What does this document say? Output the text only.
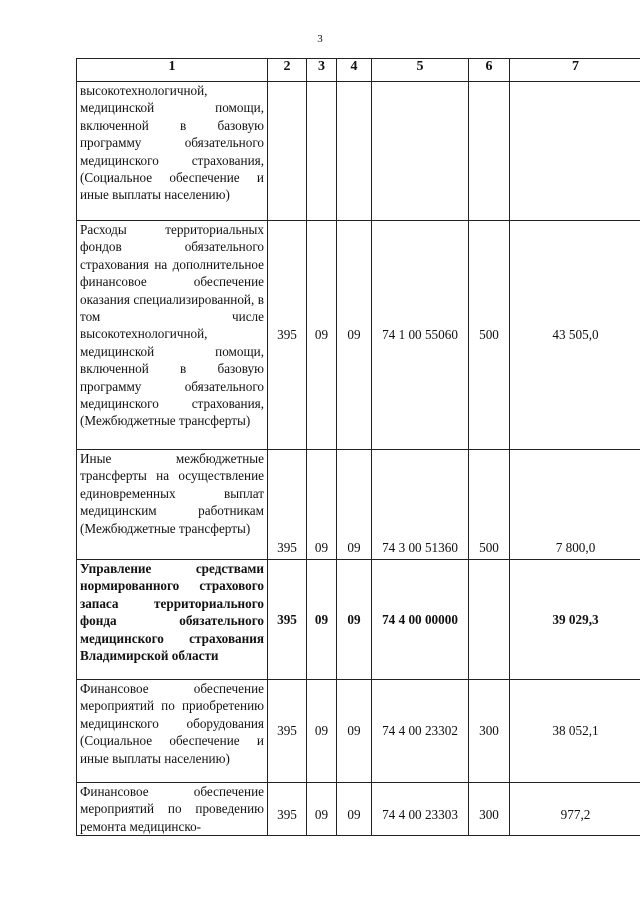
3
1	2	3	4	5	6	7
высокотехнологичной, медицинской помощи, включенной в базовую программу обязательного медицинского страхования, (Социальное обеспечение и иные выплаты населению)						
Расходы территориальных фондов обязательного страхования на дополнительное финансовое обеспечение оказания специализированной, в том числе высокотехнологичной, медицинской помощи, включенной в базовую программу обязательного медицинского страхования, (Межбюджетные трансферты)	395	09	09	74 1 00 55060	500	43 505,0
Иные межбюджетные трансферты на осуществление единовременных выплат медицинским работникам (Межбюджетные трансферты)	395	09	09	74 3 00 51360	500	7 800,0
Управление средствами нормированного страхового запаса территориального фонда обязательного медицинского страхования Владимирской области	395	09	09	74 4 00 00000		39 029,3
Финансовое обеспечение мероприятий по приобретению медицинского оборудования (Социальное обеспечение и иные выплаты населению)	395	09	09	74 4 00 23302	300	38 052,1
Финансовое обеспечение мероприятий по проведению ремонта медицинско-	395	09	09	74 4 00 23303	300	977,2
